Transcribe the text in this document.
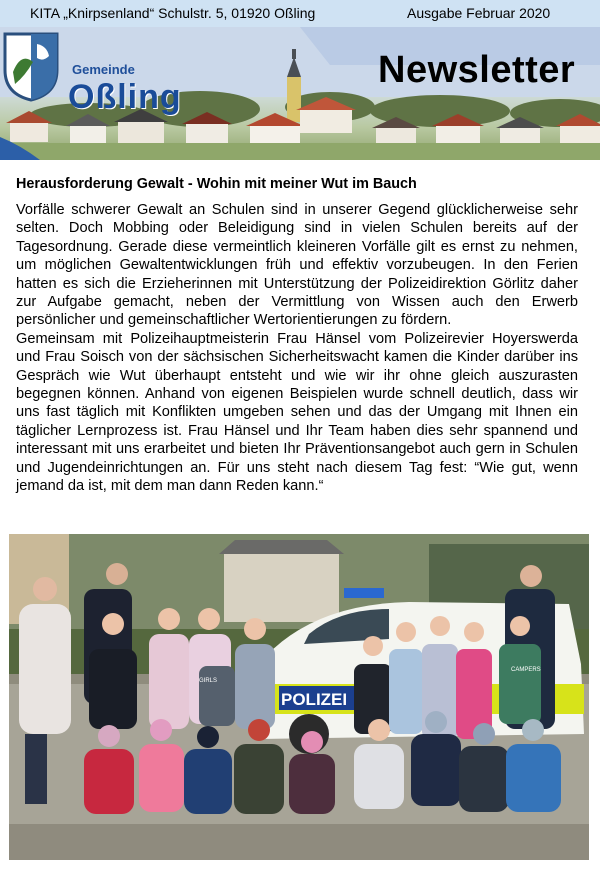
KITA „Knirpsenland“ Schulstr. 5, 01920 Oßling	Ausgabe Februar 2020
Gemeinde
Oßling
Newsletter
Herausforderung Gewalt - Wohin mit meiner Wut im Bauch

Vorfälle schwerer Gewalt an Schulen sind in unserer Gegend glücklicherweise sehr selten. Doch Mobbing oder Beleidigung sind in vielen Schulen bereits auf der Tagesordnung. Gerade diese vermeintlich kleineren Vorfälle gilt es ernst zu nehmen, um möglichen Gewaltentwicklungen früh und effektiv vorzubeugen. In den Ferien hatten es sich die Erzieherinnen mit Unterstützung der Polizeidirektion Görlitz daher zur Aufgabe gemacht, neben der Vermittlung von Wissen auch den Erwerb persönlicher und gemeinschaftlicher Wertorientierungen zu fördern.

Gemeinsam mit Polizeihauptmeisterin Frau Hänsel vom Polizeirevier Hoyerswerda und Frau Soisch von der sächsischen Sicherheitswacht kamen die Kinder darüber ins Gespräch wie Wut überhaupt entsteht und wie wir ihr ohne gleich auszurasten begegnen können. Anhand von eigenen Beispielen wurde schnell deutlich, dass wir uns fast täglich mit Konflikten umgeben sehen und das der Umgang mit Ihnen ein täglicher Lernprozess ist. Frau Hänsel und Ihr Team haben dies sehr spannend und interessant mit uns erarbeitet und bieten Ihr Präventionsangebot auch gern in Schulen und Jugendeinrichtungen an. Für uns steht nach diesem Tag fest: “Wie gut, wenn jemand da ist, mit dem man dann Reden kann.“

POLIZEI
CAMPERS
GIRLS
